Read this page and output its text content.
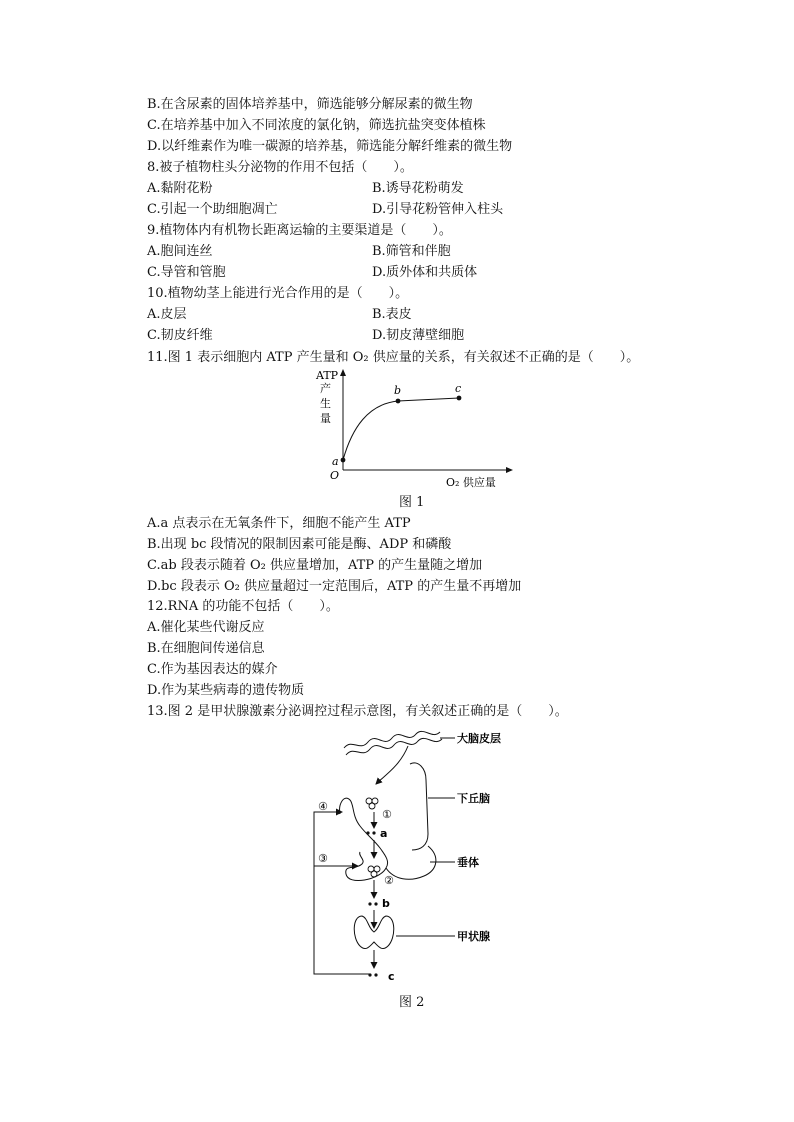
B.在含尿素的固体培养基中，筛选能够分解尿素的微生物
C.在培养基中加入不同浓度的氯化钠，筛选抗盐突变体植株
D.以纤维素作为唯一碳源的培养基，筛选能分解纤维素的微生物
8.被子植物柱头分泌物的作用不包括（　　）。
A.黏附花粉	B.诱导花粉萌发
C.引起一个助细胞凋亡	D.引导花粉管伸入柱头
9.植物体内有机物长距离运输的主要渠道是（　　）。
A.胞间连丝	B.筛管和伴胞
C.导管和管胞	D.质外体和共质体
10.植物幼茎上能进行光合作用的是（　　）。
A.皮层	B.表皮
C.韧皮纤维	D.韧皮薄壁细胞
11.图 1 表示细胞内 ATP 产生量和 O₂ 供应量的关系，有关叙述不正确的是（　　）。
ATP
产
生
量
a
b	c
O
O₂ 供应量
图 1
A.a 点表示在无氧条件下，细胞不能产生 ATP
B.出现 bc 段情况的限制因素可能是酶、ADP 和磷酸
C.ab 段表示随着 O₂ 供应量增加，ATP 的产生量随之增加
D.bc 段表示 O₂ 供应量超过一定范围后，ATP 的产生量不再增加
12.RNA 的功能不包括（　　）。
A.催化某些代谢反应
B.在细胞间传递信息
C.作为基因表达的媒介
D.作为某些病毒的遗传物质
13.图 2 是甲状腺激素分泌调控过程示意图，有关叙述正确的是（　　）。
大脑皮层
下丘脑
垂体
①
②
③
④
a
b
甲状腺
c
图 2
